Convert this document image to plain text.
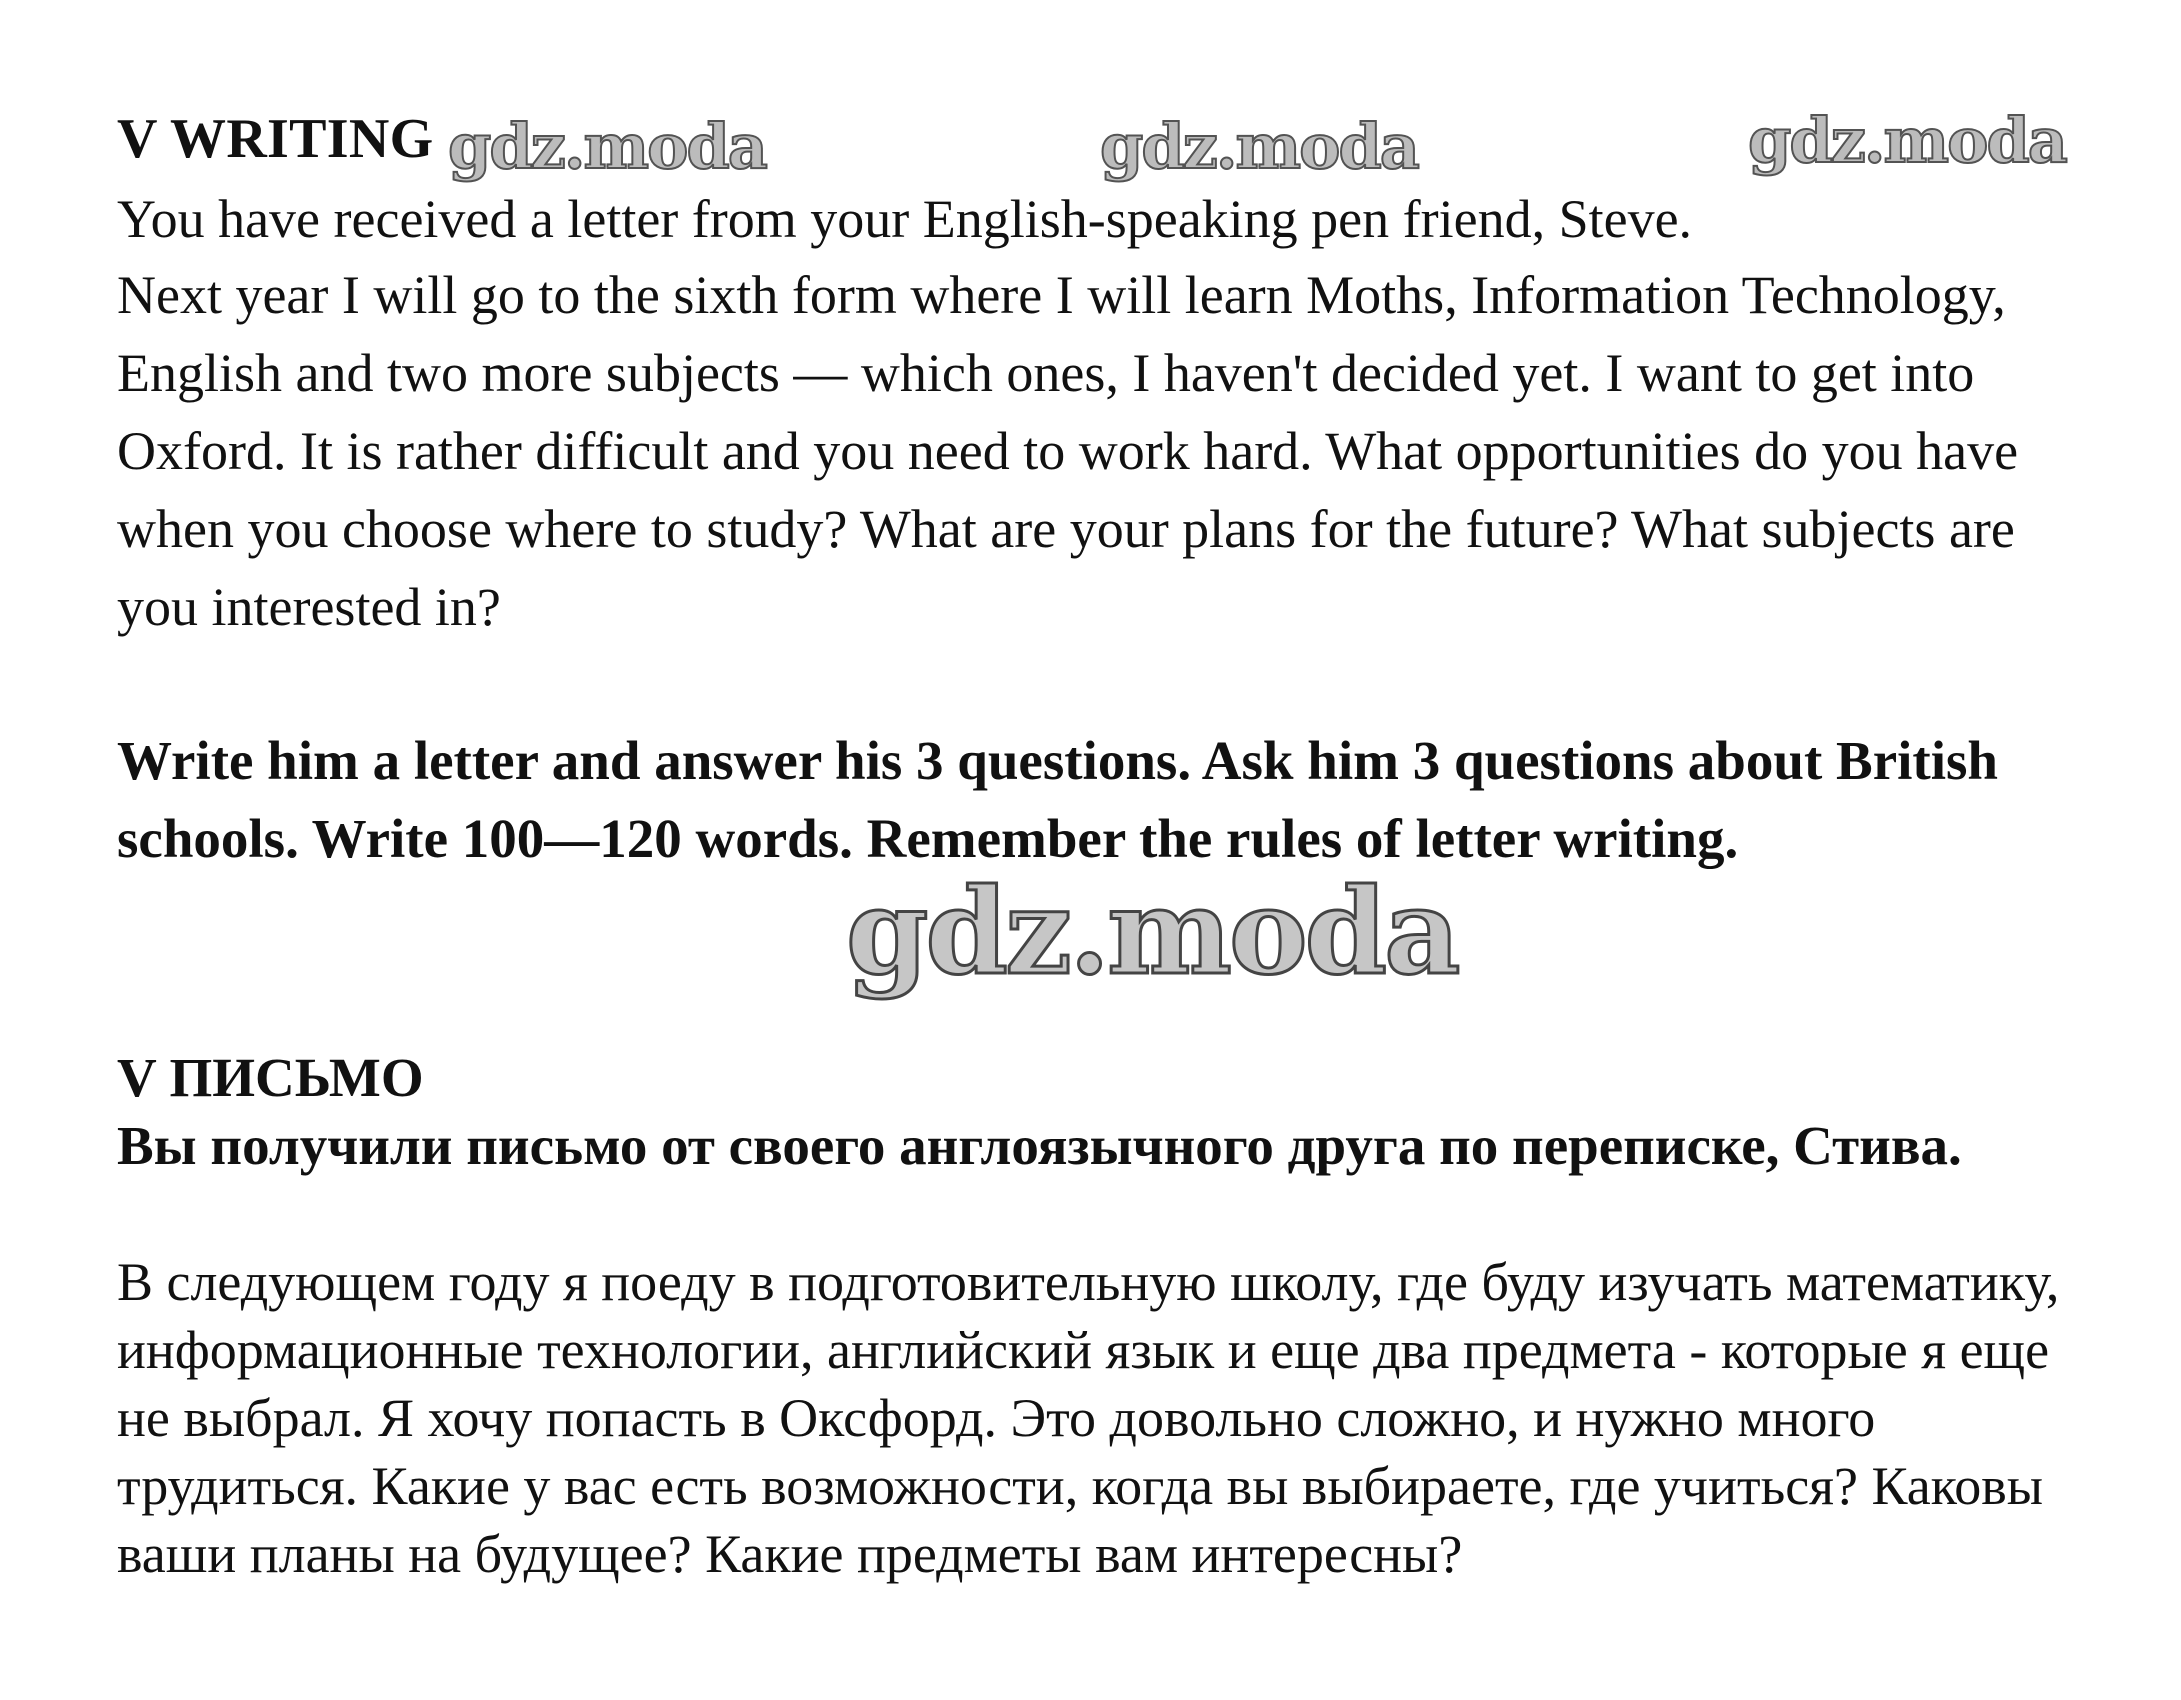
V WRITING

You have received a letter from your English-speaking pen friend, Steve.

Next year I will go to the sixth form where I will learn Moths, Information Technology, English and two more subjects — which ones, I haven't decided yet. I want to get into Oxford. It is rather difficult and you need to work hard. What opportunities do you have when you choose where to study? What are your plans for the future? What subjects are you interested in?

Write him a letter and answer his 3 questions. Ask him 3 questions about British schools. Write 100—120 words. Remember the rules of letter writing.

V ПИСЬМО

Вы получили письмо от своего англоязычного друга по переписке, Стива.

В следующем году я поеду в подготовительную школу, где буду изучать математику, информационные технологии, английский язык и еще два предмета - которые я еще не выбрал. Я хочу попасть в Оксфорд. Это довольно сложно, и нужно много трудиться. Какие у вас есть возможности, когда вы выбираете, где учиться? Каковы ваши планы на будущее? Какие предметы вам интересны?

gdz.moda	gdz.moda	gdz.moda
gdz.moda
